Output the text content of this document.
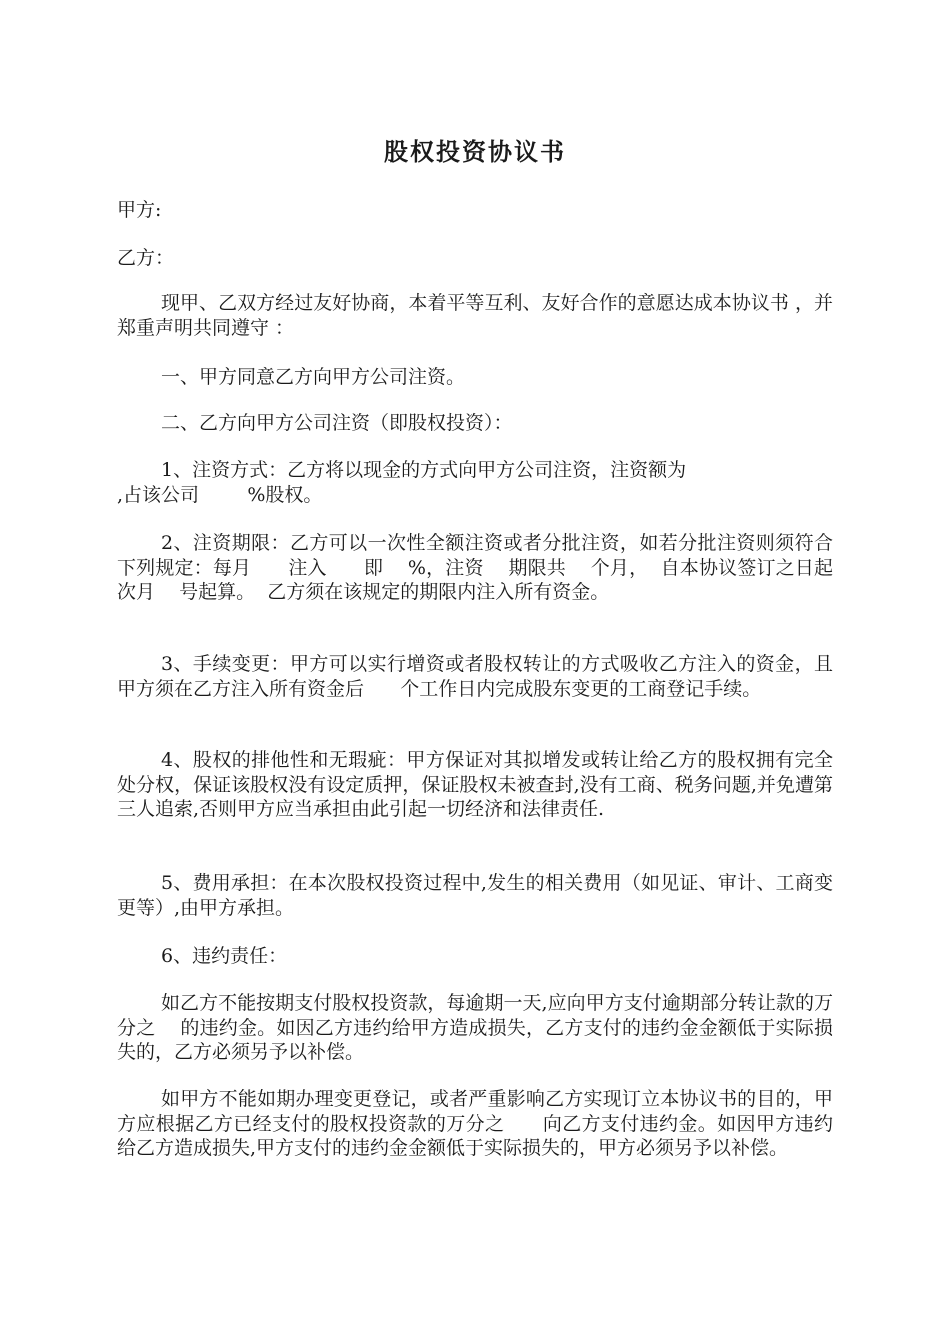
股权投资协议书

甲方:

乙方：

现甲、乙双方经过友好协商，本着平等互利、友好合作的意愿达成本协议书 ，并郑重声明共同遵守 ：

一、甲方同意乙方向甲方公司注资。

二、乙方向甲方公司注资（即股权投资）：

1、注资方式：乙方将以现金的方式向甲方公司注资，注资额为
,占该公司        %股权。

2、注资期限：乙方可以一次性全额注资或者分批注资，如若分批注资则须符合下列规定：每月      注入      即    %，注资    期限共    个月，  自本协议签订之日起次月    号起算。  乙方须在该规定的期限内注入所有资金。

3、手续变更：甲方可以实行增资或者股权转让的方式吸收乙方注入的资金，且甲方须在乙方注入所有资金后      个工作日内完成股东变更的工商登记手续。

4、股权的排他性和无瑕疵：甲方保证对其拟增发或转让给乙方的股权拥有完全处分权，保证该股权没有设定质押，保证股权未被查封,没有工商、税务问题,并免遭第三人追索,否则甲方应当承担由此引起一切经济和法律责任.

5、费用承担：在本次股权投资过程中,发生的相关费用（如见证、审计、工商变更等）,由甲方承担。

6、违约责任：

如乙方不能按期支付股权投资款，每逾期一天,应向甲方支付逾期部分转让款的万分之    的违约金。如因乙方违约给甲方造成损失，乙方支付的违约金金额低于实际损失的，乙方必须另予以补偿。

如甲方不能如期办理变更登记，或者严重影响乙方实现订立本协议书的目的，甲方应根据乙方已经支付的股权投资款的万分之      向乙方支付违约金。如因甲方违约给乙方造成损失,甲方支付的违约金金额低于实际损失的，甲方必须另予以补偿。
